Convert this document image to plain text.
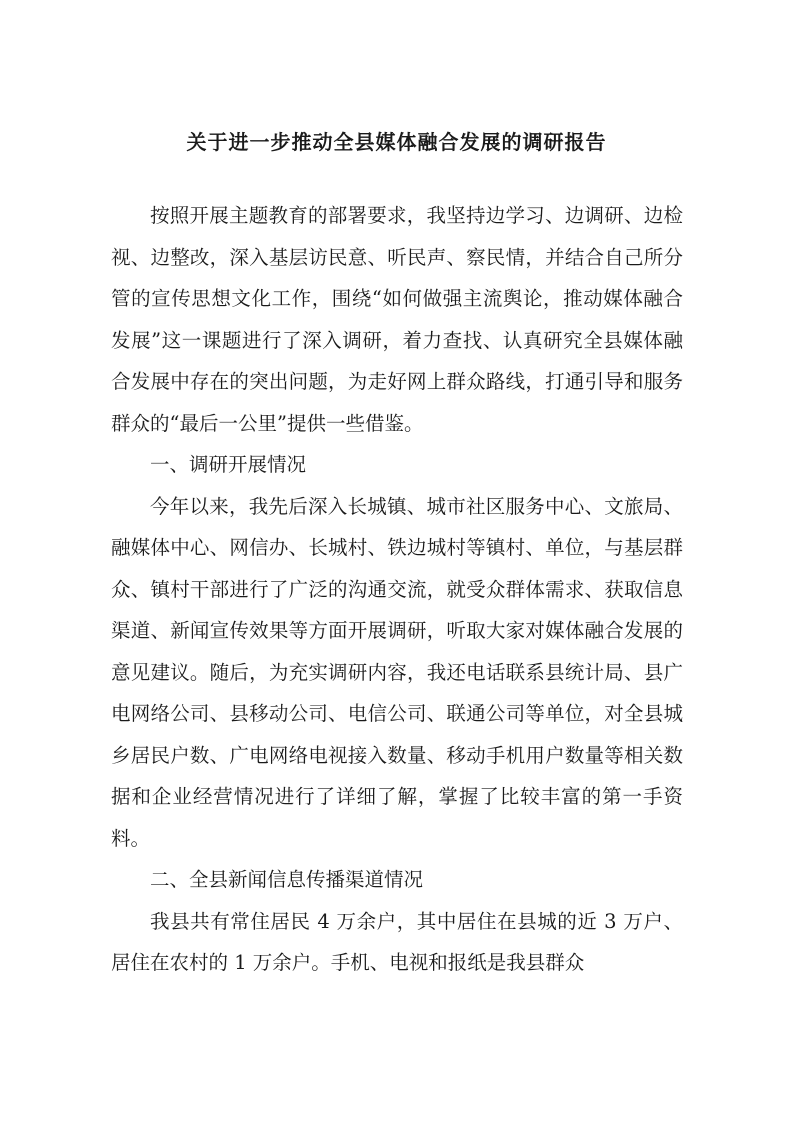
关于进一步推动全县媒体融合发展的调研报告

按照开展主题教育的部署要求，我坚持边学习、边调研、边检视、边整改，深入基层访民意、听民声、察民情，并结合自己所分管的宣传思想文化工作，围绕“如何做强主流舆论，推动媒体融合发展”这一课题进行了深入调研，着力查找、认真研究全县媒体融合发展中存在的突出问题，为走好网上群众路线，打通引导和服务群众的“最后一公里”提供一些借鉴。

一、调研开展情况

今年以来，我先后深入长城镇、城市社区服务中心、文旅局、融媒体中心、网信办、长城村、铁边城村等镇村、单位，与基层群众、镇村干部进行了广泛的沟通交流，就受众群体需求、获取信息渠道、新闻宣传效果等方面开展调研，听取大家对媒体融合发展的意见建议。随后，为充实调研内容，我还电话联系县统计局、县广电网络公司、县移动公司、电信公司、联通公司等单位，对全县城乡居民户数、广电网络电视接入数量、移动手机用户数量等相关数据和企业经营情况进行了详细了解，掌握了比较丰富的第一手资料。

二、全县新闻信息传播渠道情况

我县共有常住居民 4 万余户，其中居住在县城的近 3 万户、居住在农村的 1 万余户。手机、电视和报纸是我县群众
